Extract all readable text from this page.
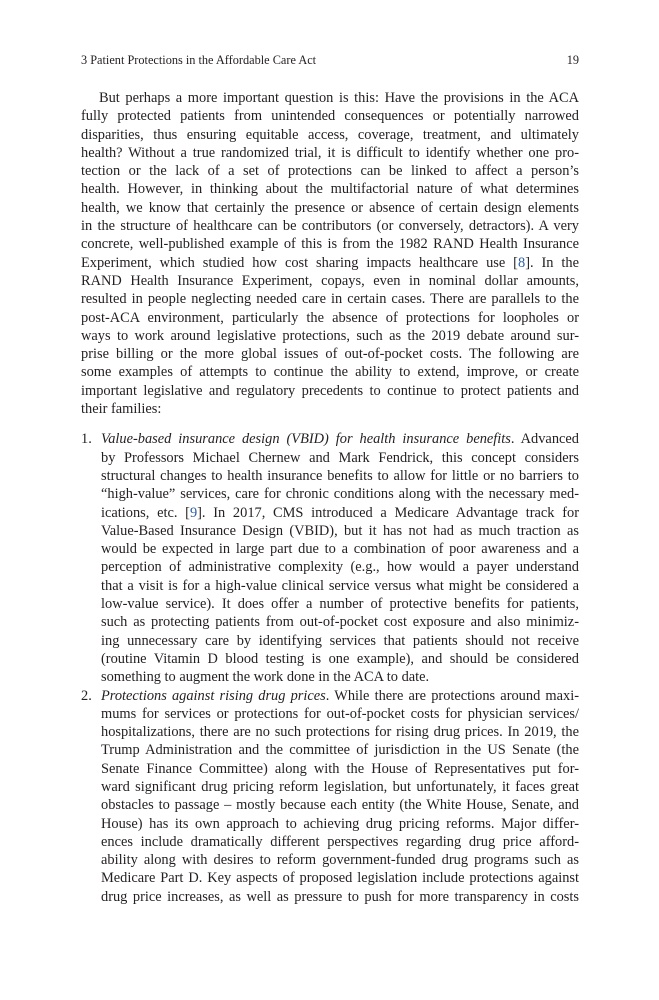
3 Patient Protections in the Affordable Care Act	19
But perhaps a more important question is this: Have the provisions in the ACA
fully protected patients from unintended consequences or potentially narrowed
disparities, thus ensuring equitable access, coverage, treatment, and ultimately
health? Without a true randomized trial, it is difficult to identify whether one pro-
tection or the lack of a set of protections can be linked to affect a person’s
health. However, in thinking about the multifactorial nature of what determines
health, we know that certainly the presence or absence of certain design elements
in the structure of healthcare can be contributors (or conversely, detractors). A very
concrete, well-published example of this is from the 1982 RAND Health Insurance
Experiment, which studied how cost sharing impacts healthcare use [8]. In the
RAND Health Insurance Experiment, copays, even in nominal dollar amounts,
resulted in people neglecting needed care in certain cases. There are parallels to the
post-ACA environment, particularly the absence of protections for loopholes or
ways to work around legislative protections, such as the 2019 debate around sur-
prise billing or the more global issues of out-of-pocket costs. The following are
some examples of attempts to continue the ability to extend, improve, or create
important legislative and regulatory precedents to continue to protect patients and
their families:
1. Value-based insurance design (VBID) for health insurance benefits. Advanced
by Professors Michael Chernew and Mark Fendrick, this concept considers
structural changes to health insurance benefits to allow for little or no barriers to
“high-value” services, care for chronic conditions along with the necessary med-
ications, etc. [9]. In 2017, CMS introduced a Medicare Advantage track for
Value-Based Insurance Design (VBID), but it has not had as much traction as
would be expected in large part due to a combination of poor awareness and a
perception of administrative complexity (e.g., how would a payer understand
that a visit is for a high-value clinical service versus what might be considered a
low-value service). It does offer a number of protective benefits for patients,
such as protecting patients from out-of-pocket cost exposure and also minimiz-
ing unnecessary care by identifying services that patients should not receive
(routine Vitamin D blood testing is one example), and should be considered
something to augment the work done in the ACA to date.
2. Protections against rising drug prices. While there are protections around maxi-
mums for services or protections for out-of-pocket costs for physician services/
hospitalizations, there are no such protections for rising drug prices. In 2019, the
Trump Administration and the committee of jurisdiction in the US Senate (the
Senate Finance Committee) along with the House of Representatives put for-
ward significant drug pricing reform legislation, but unfortunately, it faces great
obstacles to passage – mostly because each entity (the White House, Senate, and
House) has its own approach to achieving drug pricing reforms. Major differ-
ences include dramatically different perspectives regarding drug price afford-
ability along with desires to reform government-funded drug programs such as
Medicare Part D. Key aspects of proposed legislation include protections against
drug price increases, as well as pressure to push for more transparency in costs
